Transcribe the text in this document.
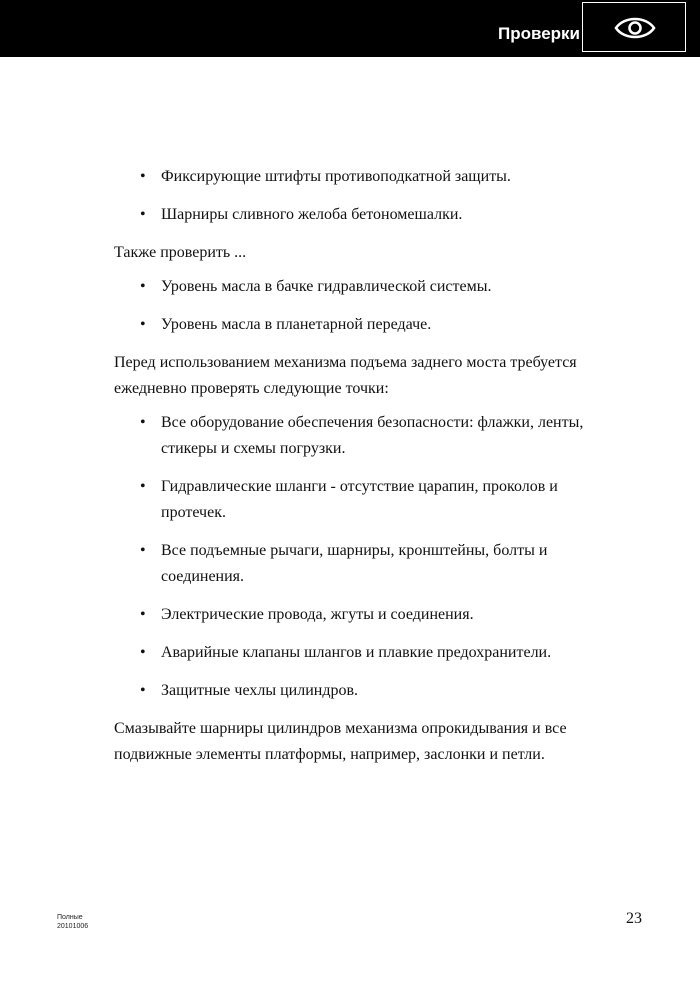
Проверки
• Фиксирующие штифты противоподкатной защиты.
• Шарниры сливного желоба бетономешалки.

Также проверить ...

• Уровень масла в бачке гидравлической системы.
• Уровень масла в планетарной передаче.

Перед использованием механизма подъема заднего моста требуется ежедневно проверять следующие точки:

• Все оборудование обеспечения безопасности: флажки, ленты, стикеры и схемы погрузки.
• Гидравлические шланги - отсутствие царапин, проколов и протечек.
• Все подъемные рычаги, шарниры, кронштейны, болты и соединения.
• Электрические провода, жгуты и соединения.
• Аварийные клапаны шлангов и плавкие предохранители.
• Защитные чехлы цилиндров.

Смазывайте шарниры цилиндров механизма опрокидывания и все подвижные элементы платформы, например, заслонки и петли.

Полные
20101006	23
